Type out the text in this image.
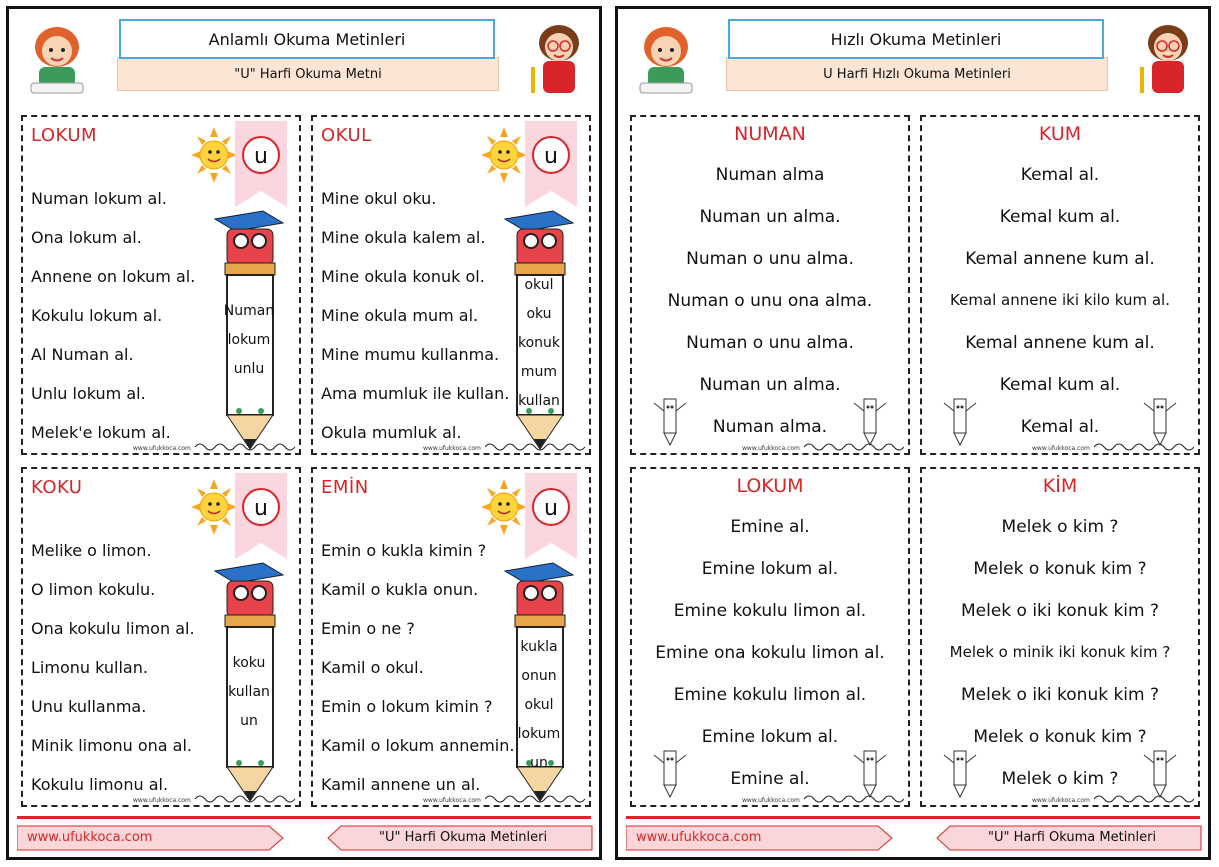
Anlamlı Okuma Metinleri
"U" Harfi Okuma Metni
LOKUM
u
Numan
lokum
unlu
Numan lokum al.
Ona lokum al.
Annene on lokum al.
Kokulu lokum al.
Al Numan al.
Unlu lokum al.
Melek'e lokum al.
www.ufukkoca.com
OKUL
u
okul
oku
konuk
mum
kullan
Mine okul oku.
Mine okula kalem al.
Mine okula konuk ol.
Mine okula mum al.
Mine mumu kullanma.
Ama mumluk ile kullan.
Okula mumluk al.
www.ufukkoca.com
KOKU
u
koku
kullan
un
Melike o limon.
O limon kokulu.
Ona kokulu limon al.
Limonu kullan.
Unu kullanma.
Minik limonu ona al.
Kokulu limonu al.
www.ufukkoca.com
EMİN
u
kukla
onun
okul
lokum
un
Emin o kukla kimin ?
Kamil o kukla onun.
Emin o ne ?
Kamil o okul.
Emin o lokum kimin ?
Kamil o lokum annemin.
Kamil annene un al.
www.ufukkoca.com
www.ufukkoca.com	"U" Harfi Okuma Metinleri
Hızlı Okuma Metinleri
U Harfi Hızlı Okuma Metinleri
NUMAN
Numan alma
Numan un alma.
Numan o unu alma.
Numan o unu ona alma.
Numan o unu alma.
Numan un alma.
Numan alma.
www.ufukkoca.com
KUM
Kemal al.
Kemal kum al.
Kemal annene kum al.
Kemal annene iki kilo kum al.
Kemal annene kum al.
Kemal kum al.
Kemal al.
www.ufukkoca.com
LOKUM
Emine al.
Emine lokum al.
Emine kokulu limon al.
Emine ona kokulu limon al.
Emine kokulu limon al.
Emine lokum al.
Emine al.
www.ufukkoca.com
KİM
Melek o kim ?
Melek o konuk kim ?
Melek o iki konuk kim ?
Melek o minik iki konuk kim ?
Melek o iki konuk kim ?
Melek o konuk kim ?
Melek o kim ?
www.ufukkoca.com
www.ufukkoca.com	"U" Harfi Okuma Metinleri
